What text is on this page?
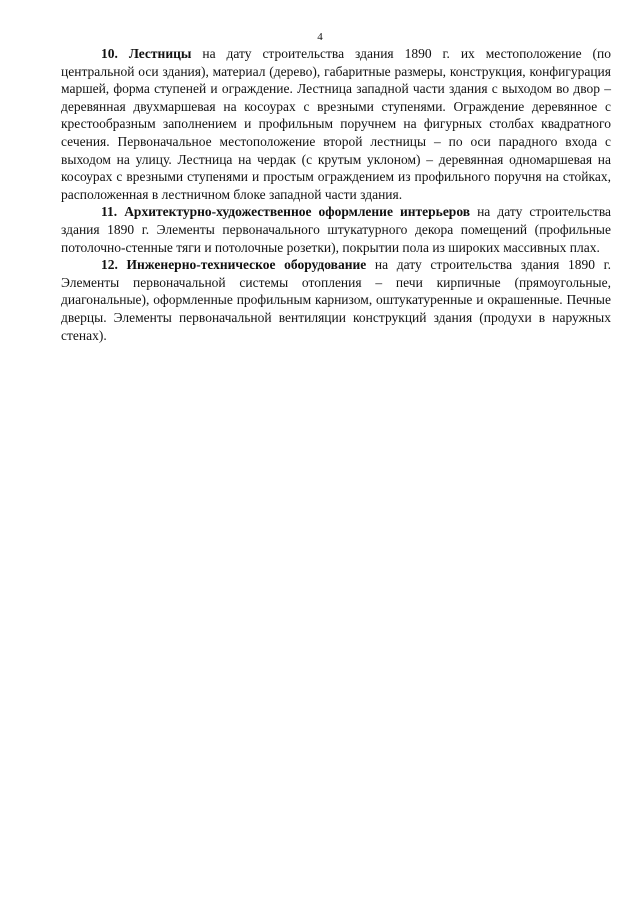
4

10. Лестницы на дату строительства здания 1890 г. их местоположение (по центральной оси здания), материал (дерево), габаритные размеры, конструкция, конфигурация маршей, форма ступеней и ограждение. Лестница западной части здания с выходом во двор – деревянная двухмаршевая на косоурах с врезными ступенями. Ограждение деревянное с крестообразным заполнением и профильным поручнем на фигурных столбах квадратного сечения. Первоначальное местоположение второй лестницы – по оси парадного входа с выходом на улицу. Лестница на чердак (с крутым уклоном) – деревянная одномаршевая на косоурах с врезными ступенями и простым ограждением из профильного поручня на стойках, расположенная в лестничном блоке западной части здания.

11. Архитектурно-художественное оформление интерьеров на дату строительства здания 1890 г. Элементы первоначального штукатурного декора помещений (профильные потолочно-стенные тяги и потолочные розетки), покрытии пола из широких массивных плах.

12. Инженерно-техническое оборудование на дату строительства здания 1890 г. Элементы первоначальной системы отопления – печи кирпичные (прямоугольные, диагональные), оформленные профильным карнизом, оштукатуренные и окрашенные. Печные дверцы. Элементы первоначальной вентиляции конструкций здания (продухи в наружных стенах).
